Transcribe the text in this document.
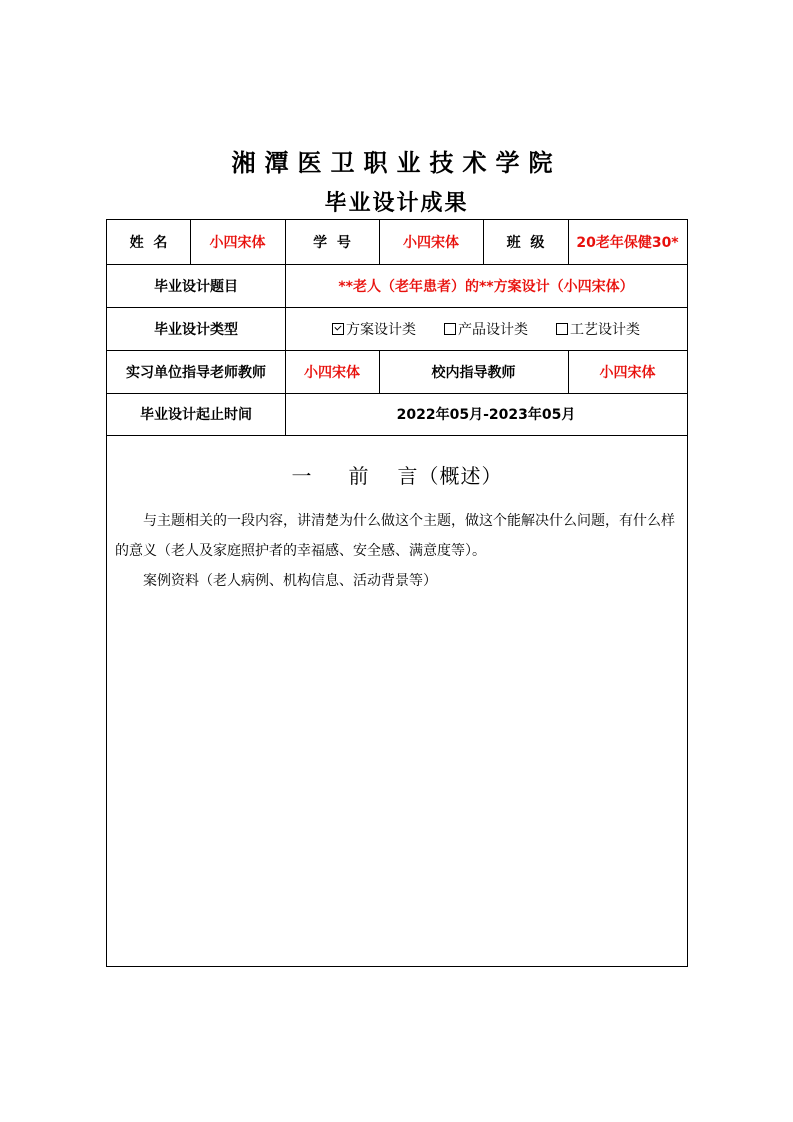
湘潭医卫职业技术学院
毕业设计成果
姓  名	小四宋体	学  号	小四宋体	班  级	20老年保健30*
毕业设计题目	**老人（老年患者）的**方案设计（小四宋体）
毕业设计类型	方案设计类	产品设计类	工艺设计类
实习单位指导老师教师	小四宋体	校内指导教师	小四宋体
毕业设计起止时间	2022年05月-2023年05月
一 前 言（概述）
与主题相关的一段内容，讲清楚为什么做这个主题，做这个能解决什么问题，有什么样的意义（老人及家庭照护者的幸福感、安全感、满意度等）。
案例资料（老人病例、机构信息、活动背景等）
